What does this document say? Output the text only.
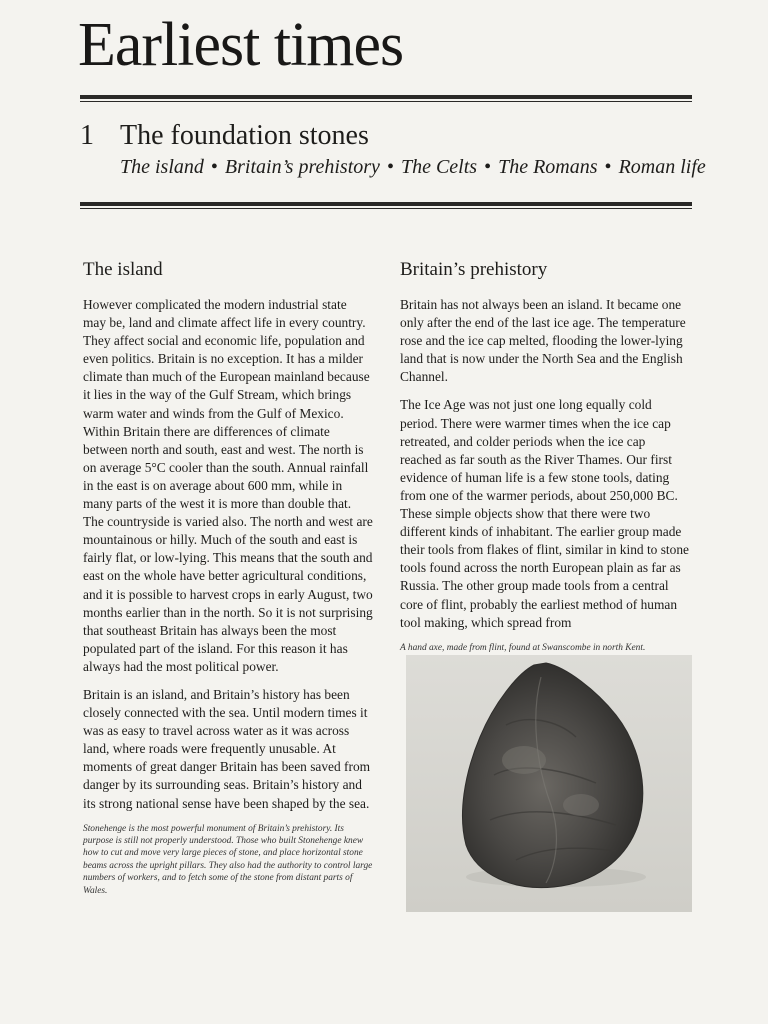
Earliest times
1 The foundation stones
The island • Britain’s prehistory • The Celts • The Romans • Roman life
The island

However complicated the modern industrial state may be, land and climate affect life in every country. They affect social and economic life, population and even politics. Britain is no exception. It has a milder climate than much of the European mainland because it lies in the way of the Gulf Stream, which brings warm water and winds from the Gulf of Mexico. Within Britain there are differences of climate between north and south, east and west. The north is on average 5°C cooler than the south. Annual rainfall in the east is on average about 600 mm, while in many parts of the west it is more than double that. The countryside is varied also. The north and west are mountainous or hilly. Much of the south and east is fairly flat, or low-lying. This means that the south and east on the whole have better agricultural conditions, and it is possible to harvest crops in early August, two months earlier than in the north. So it is not surprising that southeast Britain has always been the most populated part of the island. For this reason it has always had the most political power.

Britain is an island, and Britain’s history has been closely connected with the sea. Until modern times it was as easy to travel across water as it was across land, where roads were frequently unusable. At moments of great danger Britain has been saved from danger by its surrounding seas. Britain’s history and its strong national sense have been shaped by the sea.

Stonehenge is the most powerful monument of Britain’s prehistory. Its purpose is still not properly understood. Those who built Stonehenge knew how to cut and move very large pieces of stone, and place horizontal stone beams across the upright pillars. They also had the authority to control large numbers of workers, and to fetch some of the stone from distant parts of Wales.
Britain’s prehistory

Britain has not always been an island. It became one only after the end of the last ice age. The temperature rose and the ice cap melted, flooding the lower-lying land that is now under the North Sea and the English Channel.

The Ice Age was not just one long equally cold period. There were warmer times when the ice cap retreated, and colder periods when the ice cap reached as far south as the River Thames. Our first evidence of human life is a few stone tools, dating from one of the warmer periods, about 250,000 BC. These simple objects show that there were two different kinds of inhabitant. The earlier group made their tools from flakes of flint, similar in kind to stone tools found across the north European plain as far as Russia. The other group made tools from a central core of flint, probably the earliest method of human tool making, which spread from

A hand axe, made from flint, found at Swanscombe in north Kent.
